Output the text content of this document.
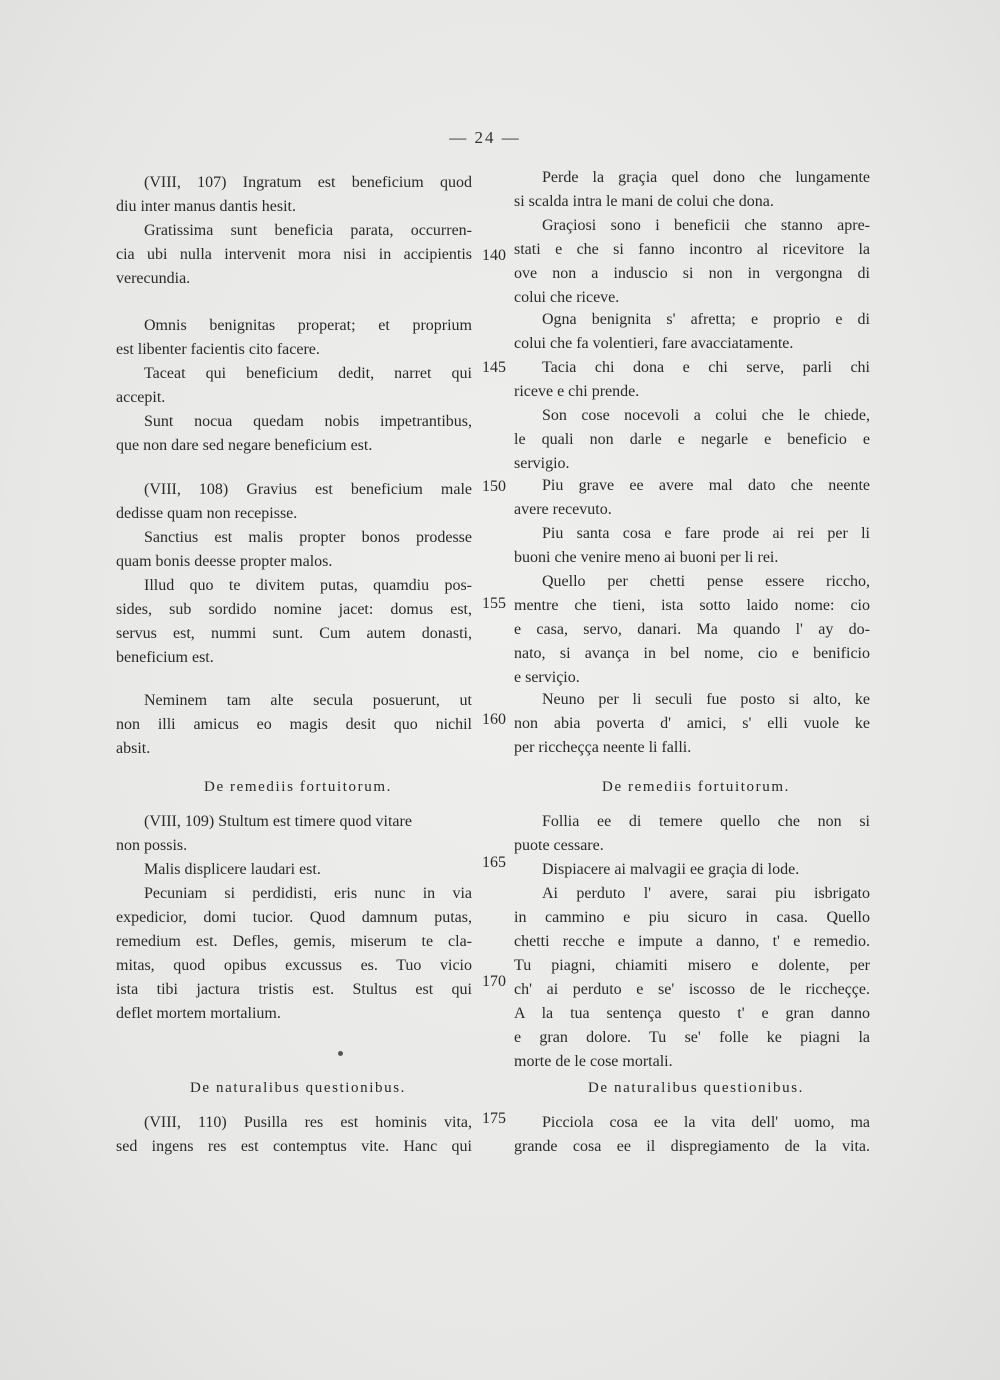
— 24 —
(VIII, 107) Ingratum est beneficium quod
diu inter manus dantis hesit.
Gratissima sunt beneficia parata, occurren-
cia ubi nulla intervenit mora nisi in accipientis
verecundia.
Omnis benignitas properat; et proprium
est libenter facientis cito facere.
Taceat qui beneficium dedit, narret qui
accepit.
Sunt nocua quedam nobis impetrantibus,
que non dare sed negare beneficium est.
(VIII, 108) Gravius est beneficium male
dedisse quam non recepisse.
Sanctius est malis propter bonos prodesse
quam bonis deesse propter malos.
Illud quo te divitem putas, quamdiu pos-
sides, sub sordido nomine jacet: domus est,
servus est, nummi sunt. Cum autem donasti,
beneficium est.
Neminem tam alte secula posuerunt, ut
non illi amicus eo magis desit quo nichil
absit.
(VIII, 109) Stultum est timere quod vitare
non possis.
Malis displicere laudari est.
Pecuniam si perdidisti, eris nunc in via
expedicior, domi tucior. Quod damnum putas,
remedium est. Defles, gemis, miserum te cla-
mitas, quod opibus excussus es. Tuo vicio
ista tibi jactura tristis est. Stultus est qui
deflet mortem mortalium.
(VIII, 110) Pusilla res est hominis vita,
sed ingens res est contemptus vite. Hanc qui
Perde la graçia quel dono che lungamente
si scalda intra le mani de colui che dona.
Graçiosi sono i beneficii che stanno apre-
stati e che si fanno incontro al ricevitore la
ove non a induscio si non in vergongna di
colui che riceve.
Ogna benignita s' afretta; e proprio e di
colui che fa volentieri, fare avacciatamente.
Tacia chi dona e chi serve, parli chi
riceve e chi prende.
Son cose nocevoli a colui che le chiede,
le quali non darle e negarle e beneficio e
servigio.
Piu grave ee avere mal dato che neente
avere recevuto.
Piu santa cosa e fare prode ai rei per li
buoni che venire meno ai buoni per li rei.
Quello per chetti pense essere riccho,
mentre che tieni, ista sotto laido nome: cio
e casa, servo, danari. Ma quando l' ay do-
nato, si avança in bel nome, cio e benificio
e serviçio.
Neuno per li seculi fue posto si alto, ke
non abia poverta d' amici, s' elli vuole ke
per riccheçça neente li falli.
Follia ee di temere quello che non si
puote cessare.
Dispiacere ai malvagii ee graçia di lode.
Ai perduto l' avere, sarai piu isbrigato
in cammino e piu sicuro in casa. Quello
chetti recche e impute a danno, t' e remedio.
Tu piagni, chiamiti misero e dolente, per
ch' ai perduto e se' iscosso de le riccheççe.
A la tua sentença questo t' e gran danno
e gran dolore. Tu se' folle ke piagni la
morte de le cose mortali.
Picciola cosa ee la vita dell' uomo, ma
grande cosa ee il dispregiamento de la vita.
140
145
150
155
160
165
170
175
De remediis fortuitorum.	De remediis fortuitorum.
De naturalibus questionibus.	De naturalibus questionibus.
